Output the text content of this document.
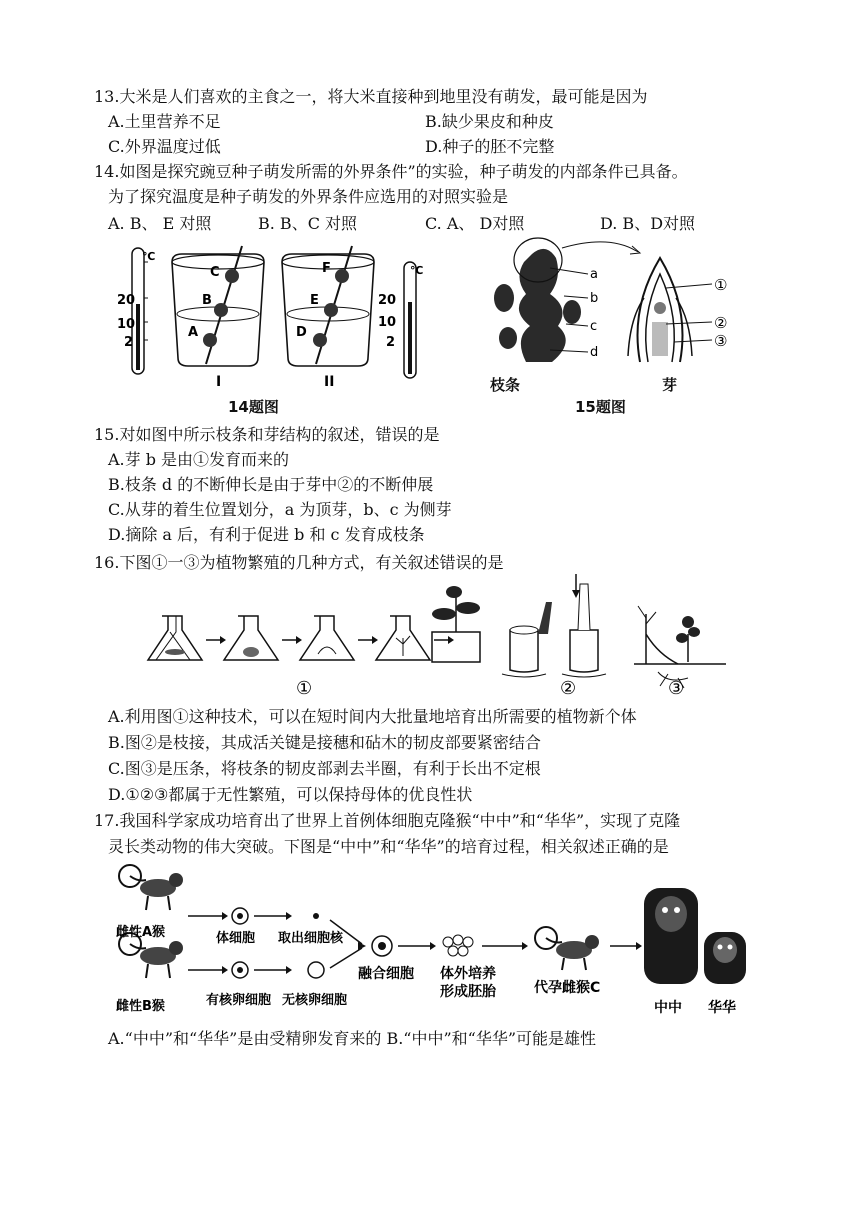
13.大米是人们喜欢的主食之一，将大米直接种到地里没有萌发，最可能是因为
A.土里营养不足	B.缺少果皮和种皮
C.外界温度过低	D.种子的胚不完整
14.如图是探究豌豆种子萌发所需的外界条件”的实验，种子萌发的内部条件已具备。
为了探究温度是种子萌发的外界条件应选用的对照实验是
A. B、 E 对照	B. B、C 对照	C. A、 D对照	D. B、D对照
℃
20
10
2
C
B
A
I
F
E
D
II
℃
20
10
2
14题图
a
b
c
d
①
②
③
枝条	芽
15题图
15.对如图中所示枝条和芽结构的叙述，错误的是
A.芽 b 是由①发育而来的
B.枝条 d 的不断伸长是由于芽中②的不断伸展
C.从芽的着生位置划分，a 为顶芽，b、c 为侧芽
D.摘除 a 后，有利于促进 b 和 c 发育成枝条
16.下图①一③为植物繁殖的几种方式，有关叙述错误的是
①	②	③
A.利用图①这种技术，可以在短时间内大批量地培育出所需要的植物新个体
B.图②是枝接，其成活关键是接穗和砧木的韧皮部要紧密结合
C.图③是压条，将枝条的韧皮部剥去半圈，有利于长出不定根
D.①②③都属于无性繁殖，可以保持母体的优良性状
17.我国科学家成功培育出了世界上首例体细胞克隆猴“中中”和“华华”，实现了克隆
灵长类动物的伟大突破。下图是“中中”和“华华”的培育过程，相关叙述正确的是
雌性A猴
雌性B猴
体细胞
有核卵细胞
取出细胞核
无核卵细胞
融合细胞 体外培养
形成胚胎	代孕雌猴C
中中 华华
A.“中中”和“华华”是由受精卵发育来的 B.“中中”和“华华”可能是雄性
